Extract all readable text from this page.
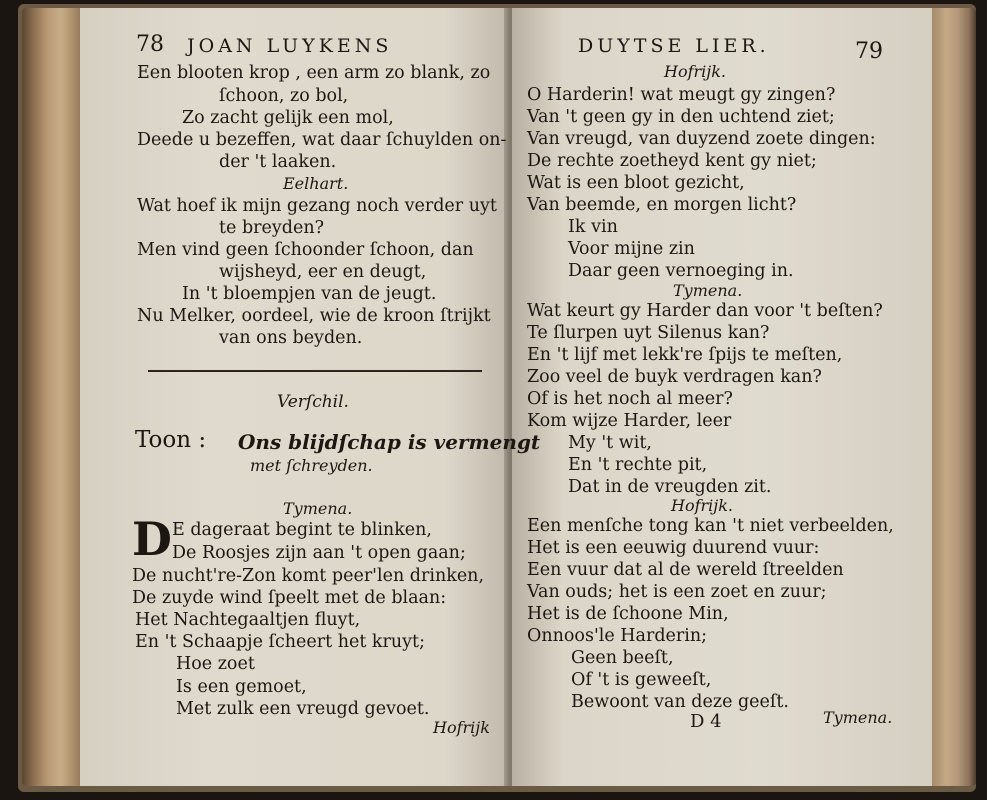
78 JOAN LUYKENS
Een blooten krop , een arm zo blank, zo
ſchoon, zo bol,
Zo zacht gelijk een mol,
Deede u bezeffen, wat daar ſchuylden on-
der 't laaken.
Eelhart.
Wat hoef ik mijn gezang noch verder uyt
te breyden?
Men vind geen ſchoonder ſchoon, dan
wijsheyd, eer en deugt,
In 't bloempjen van de jeugt.
Nu Melker, oordeel, wie de kroon ſtrijkt
van ons beyden.
Verſchil.
Toon : Ons blijdſchap is vermengt
met ſchreyden.
Tymena.
D E dageraat begint te blinken,
De Roosjes zijn aan 't open gaan;
De nucht're-Zon komt peer'len drinken,
De zuyde wind ſpeelt met de blaan:
Het Nachtegaaltjen fluyt,
En 't Schaapje ſcheert het kruyt;
Hoe zoet
Is een gemoet,
Met zulk een vreugd gevoet.
Hofrijk
DUYTSE LIER.	79
Hofrijk.
O Harderin! wat meugt gy zingen?
Van 't geen gy in den uchtend ziet;
Van vreugd, van duyzend zoete dingen:
De rechte zoetheyd kent gy niet;
Wat is een bloot gezicht,
Van beemde, en morgen licht?
Ik vin
Voor mijne zin
Daar geen vernoeging in.
Tymena.
Wat keurt gy Harder dan voor 't beſten?
Te ſlurpen uyt Silenus kan?
En 't lijf met lekk're ſpijs te meſten,
Zoo veel de buyk verdragen kan?
Of is het noch al meer?
Kom wijze Harder, leer
My 't wit,
En 't rechte pit,
Dat in de vreugden zit.
Hofrijk.
Een menſche tong kan 't niet verbeelden,
Het is een eeuwig duurend vuur:
Een vuur dat al de wereld ſtreelden
Van ouds; het is een zoet en zuur;
Het is de ſchoone Min,
Onnoos'le Harderin;
Geen beeſt,
Of 't is geweeſt,
Bewoont van deze geeſt.
D 4	Tymena.
